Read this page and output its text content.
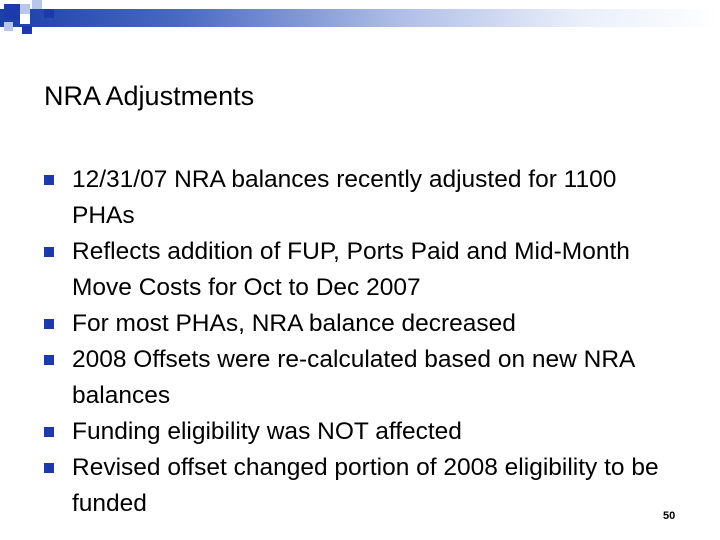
NRA Adjustments
12/31/07 NRA balances recently adjusted for 1100 PHAs
Reflects addition of FUP, Ports Paid and Mid-Month Move Costs for Oct to Dec 2007
For most PHAs, NRA balance decreased
2008 Offsets were re-calculated based on new NRA balances
Funding eligibility was NOT affected
Revised offset changed portion of 2008 eligibility to be funded	50
